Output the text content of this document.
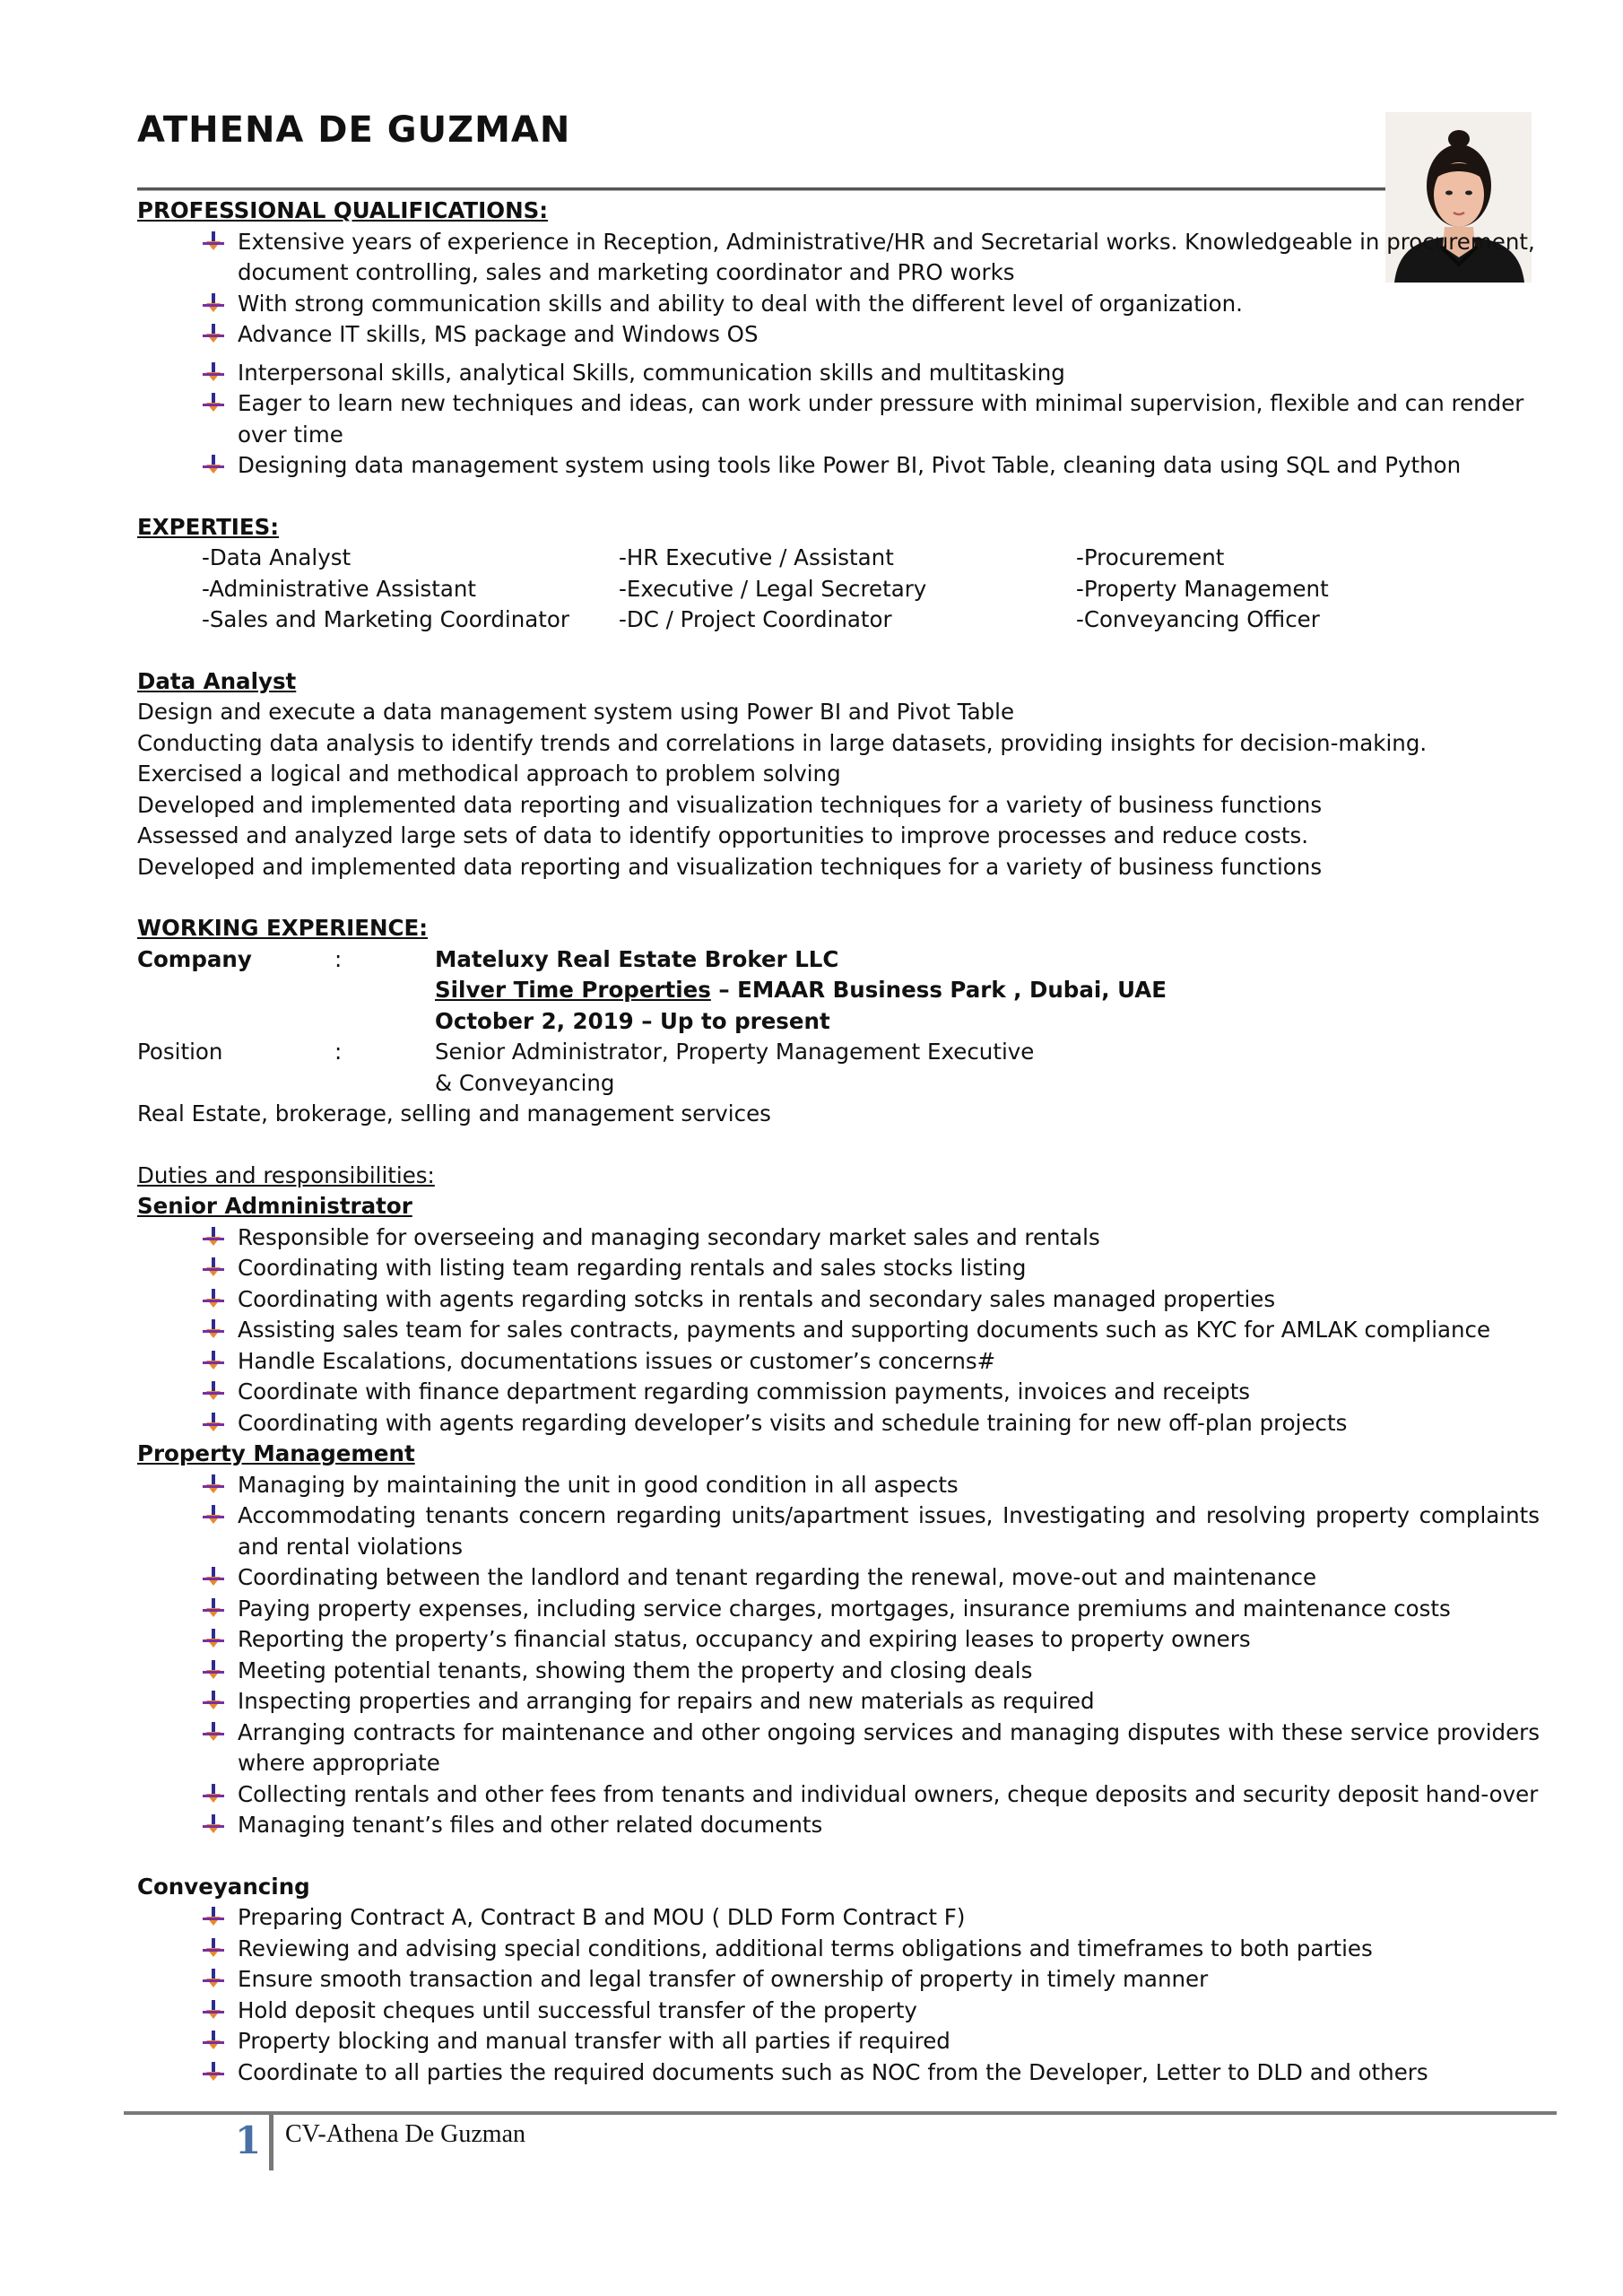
ATHENA DE GUZMAN
PROFESSIONAL QUALIFICATIONS:
Extensive years of experience in Reception, Administrative/HR and Secretarial works. Knowledgeable in procurement, document controlling, sales and marketing coordinator and PRO works
With strong communication skills and ability to deal with the different level of organization.
Advance IT skills, MS package and Windows OS
Interpersonal skills, analytical Skills, communication skills and multitasking
Eager to learn new techniques and ideas, can work under pressure with minimal supervision, flexible and can render over time
Designing data management system using tools like Power BI, Pivot Table, cleaning data using SQL and Python
EXPERTIES:
-Data Analyst	-HR Executive / Assistant	-Procurement
-Administrative Assistant	-Executive / Legal Secretary	-Property Management
-Sales and Marketing Coordinator	-DC / Project Coordinator	-Conveyancing Officer
Data Analyst
Design and execute a data management system using Power BI and Pivot Table
Conducting data analysis to identify trends and correlations in large datasets, providing insights for decision-making.
Exercised a logical and methodical approach to problem solving
Developed and implemented data reporting and visualization techniques for a variety of business functions
Assessed and analyzed large sets of data to identify opportunities to improve processes and reduce costs.
Developed and implemented data reporting and visualization techniques for a variety of business functions
WORKING EXPERIENCE:
Company	:	Mateluxy Real Estate Broker LLC
Silver Time Properties – EMAAR Business Park , Dubai, UAE
October 2, 2019 – Up to present
Position	:	Senior Administrator, Property Management Executive
& Conveyancing
Real Estate, brokerage, selling and management services
Duties and responsibilities:
Senior Admninistrator
Responsible for overseeing and managing secondary market sales and rentals
Coordinating with listing team regarding rentals and sales stocks listing
Coordinating with agents regarding sotcks in rentals and secondary sales managed properties
Assisting sales team for sales contracts, payments and supporting documents such as KYC for AMLAK compliance
Handle Escalations, documentations issues or customer’s concerns#
Coordinate with finance department regarding commission payments, invoices and receipts
Coordinating with agents regarding developer’s visits and schedule training for new off-plan projects
Property Management
Managing by maintaining the unit in good condition in all aspects
Accommodating tenants concern regarding units/apartment issues, Investigating and resolving property complaints and rental violations
Coordinating between the landlord and tenant regarding the renewal, move-out and maintenance
Paying property expenses, including service charges, mortgages, insurance premiums and maintenance costs
Reporting the property’s financial status, occupancy and expiring leases to property owners
Meeting potential tenants, showing them the property and closing deals
Inspecting properties and arranging for repairs and new materials as required
Arranging contracts for maintenance and other ongoing services and managing disputes with these service providers where appropriate
Collecting rentals and other fees from tenants and individual owners, cheque deposits and security deposit hand-over
Managing tenant’s files and other related documents
Conveyancing
Preparing Contract A, Contract B and MOU ( DLD Form Contract F)
Reviewing and advising special conditions, additional terms obligations and timeframes to both parties
Ensure smooth transaction and legal transfer of ownership of property in timely manner
Hold deposit cheques until successful transfer of the property
Property blocking and manual transfer with all parties if required
Coordinate to all parties the required documents such as NOC from the Developer, Letter to DLD and others
1 CV-Athena De Guzman
